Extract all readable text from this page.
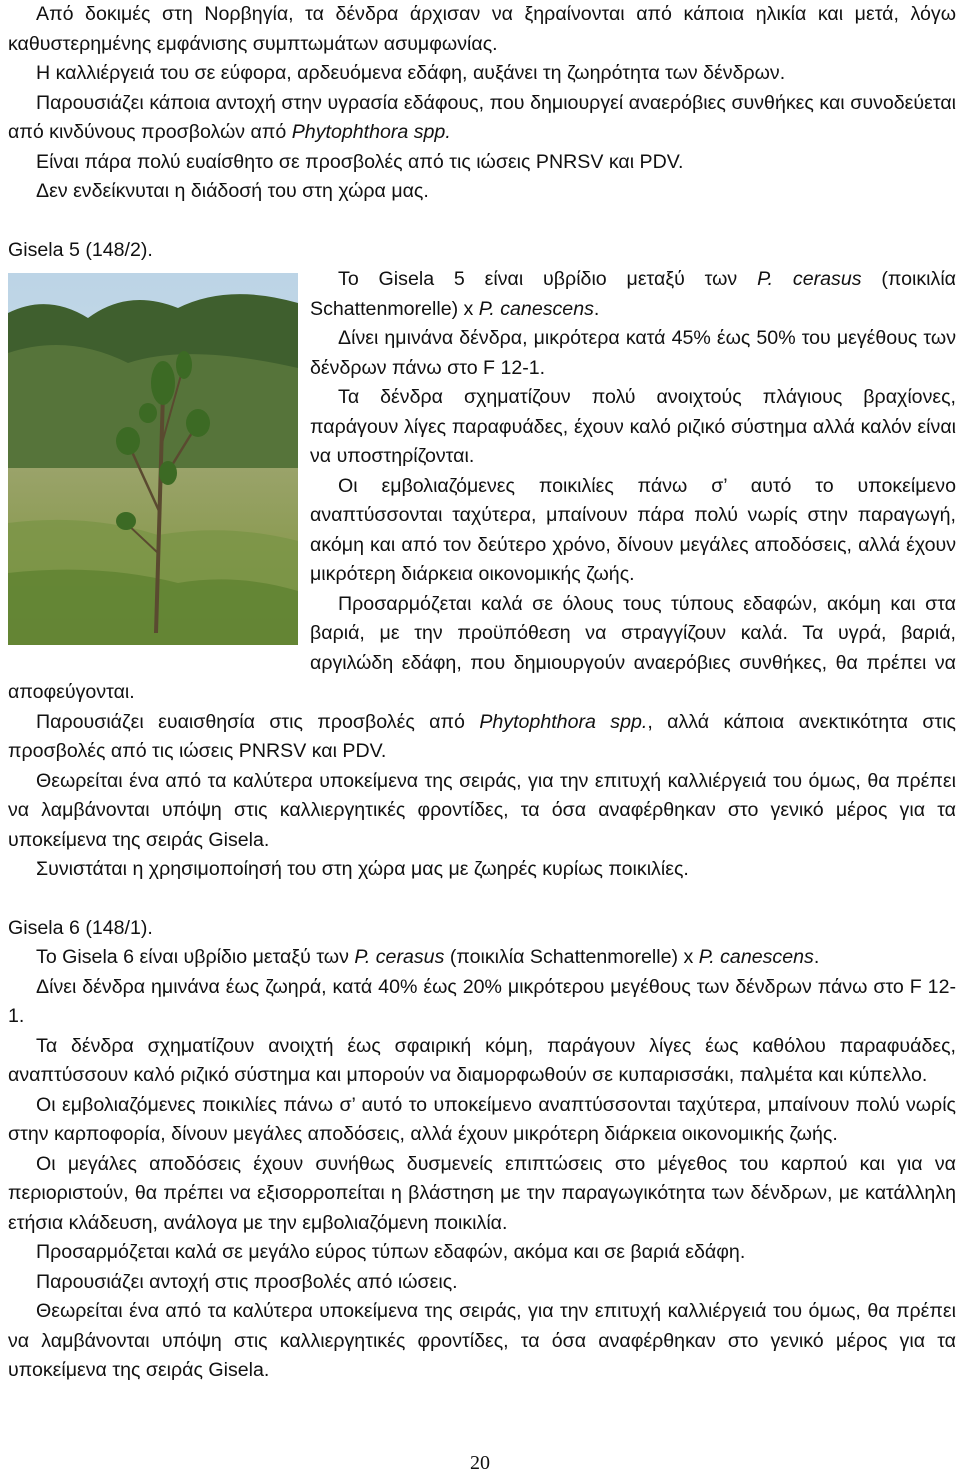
Από δοκιμές στη Νορβηγία, τα δένδρα άρχισαν να ξηραίνονται από κάποια ηλικία και μετά, λόγω καθυστερημένης εμφάνισης συμπτωμάτων ασυμφωνίας.

Η καλλιέργειά του σε εύφορα, αρδευόμενα εδάφη, αυξάνει τη ζωηρότητα των δένδρων.

Παρουσιάζει κάποια αντοχή στην υγρασία εδάφους, που δημιουργεί αναερόβιες συνθήκες και συνοδεύεται από κινδύνους προσβολών από Phytophthora spp.

Είναι πάρα πολύ ευαίσθητο σε προσβολές από τις ιώσεις PNRSV και PDV.

Δεν ενδείκνυται η διάδοσή του στη χώρα μας.

Gisela 5 (148/2).

Το Gisela 5 είναι υβρίδιο μεταξύ των P. cerasus (ποικιλία Schattenmorelle) x P. canescens.

Δίνει ημινάνα δένδρα, μικρότερα κατά 45% έως 50% του μεγέθους των δένδρων πάνω στο F 12-1.

Τα δένδρα σχηματίζουν πολύ ανοιχτούς πλάγιους βραχίονες, παράγουν λίγες παραφυάδες, έχουν καλό ριζικό σύστημα αλλά καλόν είναι να υποστηρίζονται.

Οι εμβολιαζόμενες ποικιλίες πάνω σ’ αυτό το υποκείμενο αναπτύσσονται ταχύτερα, μπαίνουν πάρα πολύ νωρίς στην παραγωγή, ακόμη και από τον δεύτερο χρόνο, δίνουν μεγάλες αποδόσεις, αλλά έχουν μικρότερη διάρκεια οικονομικής ζωής.

Προσαρμόζεται καλά σε όλους τους τύπους εδαφών, ακόμη και στα βαριά, με την προϋπόθεση να στραγγίζουν καλά. Τα υγρά, βαριά, αργιλώδη εδάφη, που δημιουργούν αναερόβιες συνθήκες, θα πρέπει να αποφεύγονται.

Παρουσιάζει ευαισθησία στις προσβολές από Phytophthora spp., αλλά κάποια ανεκτικότητα στις προσβολές από τις ιώσεις PNRSV και PDV.

Θεωρείται ένα από τα καλύτερα υποκείμενα της σειράς, για την επιτυχή καλλιέργειά του όμως, θα πρέπει να λαμβάνονται υπόψη στις καλλιεργητικές φροντίδες, τα όσα αναφέρθηκαν στο γενικό μέρος για τα υποκείμενα της σειράς Gisela.

Συνιστάται η χρησιμοποίησή του στη χώρα μας με ζωηρές κυρίως ποικιλίες.

Gisela 6 (148/1).

Το Gisela 6 είναι υβρίδιο μεταξύ των P. cerasus (ποικιλία Schattenmorelle) x P. canescens.

Δίνει δένδρα ημινάνα έως ζωηρά, κατά 40% έως 20% μικρότερου μεγέθους των δένδρων πάνω στο F 12-1.

Τα δένδρα σχηματίζουν ανοιχτή έως σφαιρική κόμη, παράγουν λίγες έως καθόλου παραφυάδες, αναπτύσσουν καλό ριζικό σύστημα και μπορούν να διαμορφωθούν σε κυπαρισσάκι, παλμέτα και κύπελλο.

Οι εμβολιαζόμενες ποικιλίες πάνω σ’ αυτό το υποκείμενο αναπτύσσονται ταχύτερα, μπαίνουν πολύ νωρίς στην καρποφορία, δίνουν μεγάλες αποδόσεις, αλλά έχουν μικρότερη διάρκεια οικονομικής ζωής.

Οι μεγάλες αποδόσεις έχουν συνήθως δυσμενείς επιπτώσεις στο μέγεθος του καρπού και για να περιοριστούν, θα πρέπει να εξισορροπείται η βλάστηση με την παραγωγικότητα των δένδρων, με κατάλληλη ετήσια κλάδευση, ανάλογα με την εμβολιαζόμενη ποικιλία.

Προσαρμόζεται καλά σε μεγάλο εύρος τύπων εδαφών, ακόμα και σε βαριά εδάφη.

Παρουσιάζει αντοχή στις προσβολές από ιώσεις.

Θεωρείται ένα από τα καλύτερα υποκείμενα της σειράς, για την επιτυχή καλλιέργειά του όμως, θα πρέπει να λαμβάνονται υπόψη στις καλλιεργητικές φροντίδες, τα όσα αναφέρθηκαν στο γενικό μέρος για τα υποκείμενα της σειράς Gisela.

20
